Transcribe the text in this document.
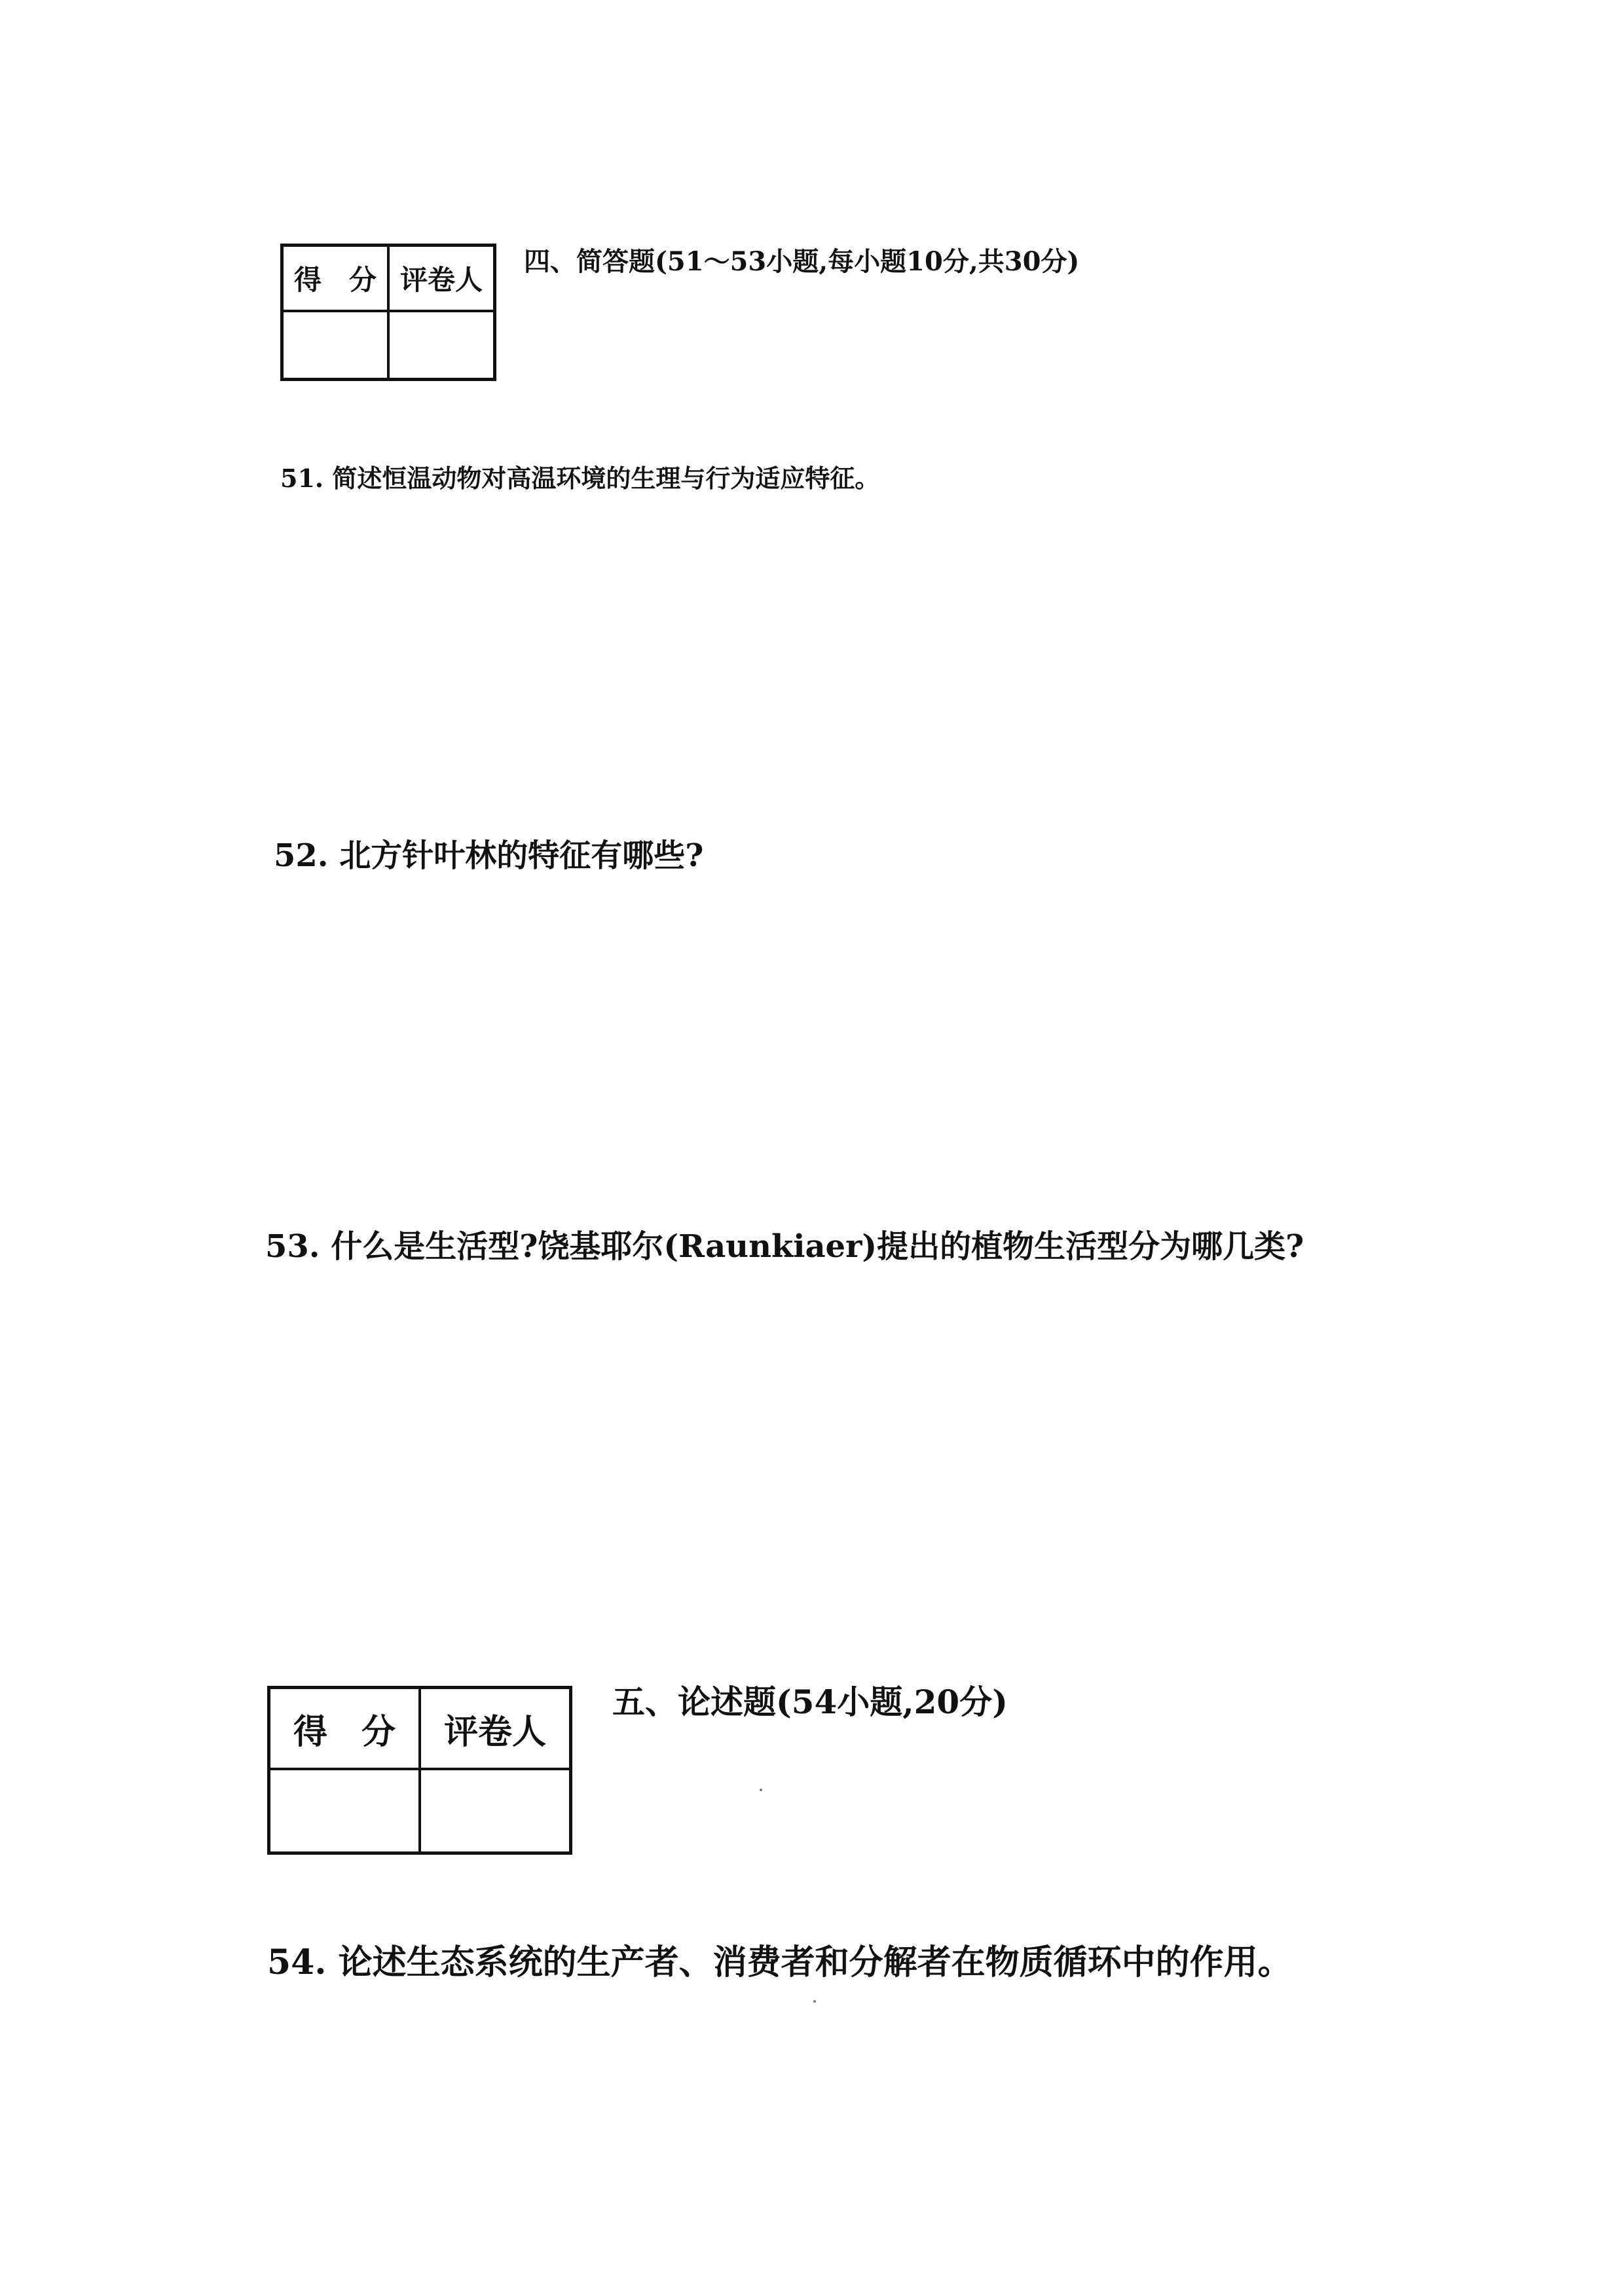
得　分	评卷人

四、简答题(51～53小题,每小题10分,共30分)
51. 简述恒温动物对高温环境的生理与行为适应特征。
52. 北方针叶林的特征有哪些?
53. 什么是生活型?饶基耶尔(Raunkiaer)提出的植物生活型分为哪几类?
得　分	评卷人

五、论述题(54小题,20分)
54. 论述生态系统的生产者、消费者和分解者在物质循环中的作用。
